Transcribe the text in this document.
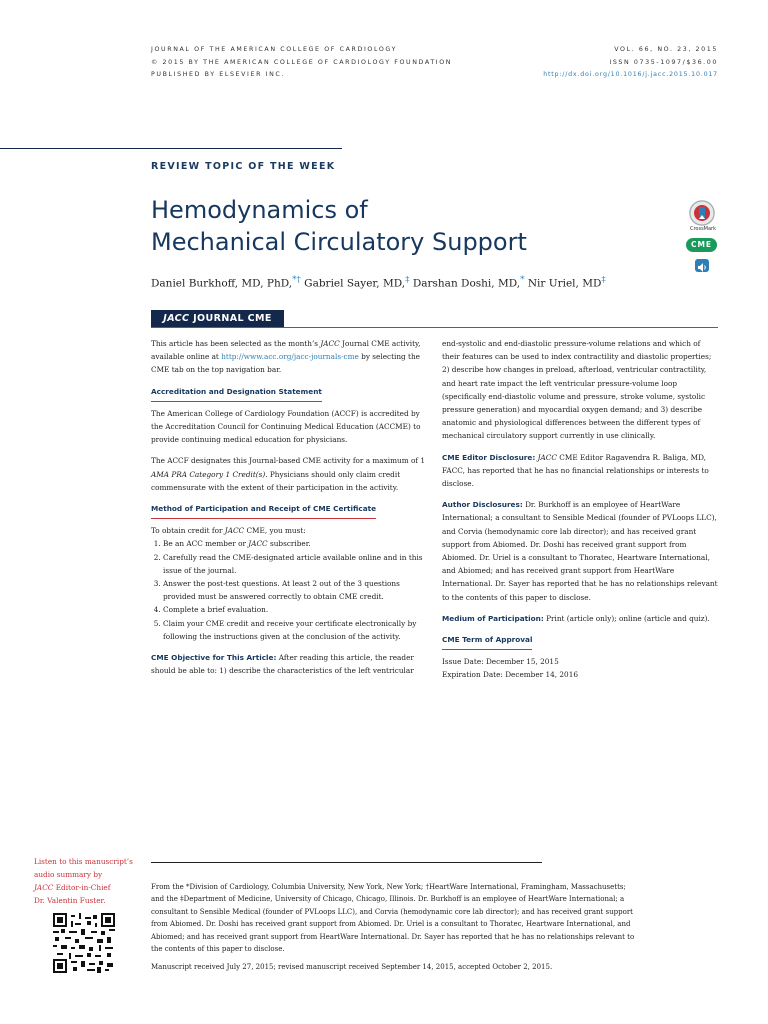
JOURNAL OF THE AMERICAN COLLEGE OF CARDIOLOGY
© 2015 BY THE AMERICAN COLLEGE OF CARDIOLOGY FOUNDATION
PUBLISHED BY ELSEVIER INC.
VOL. 66, NO. 23, 2015
ISSN 0735-1097/$36.00
http://dx.doi.org/10.1016/j.jacc.2015.10.017
REVIEW TOPIC OF THE WEEK
Hemodynamics of
Mechanical Circulatory Support
Daniel Burkhoff, MD, PhD,*† Gabriel Sayer, MD,‡ Darshan Doshi, MD,* Nir Uriel, MD‡
CrossMark
CME
JACC JOURNAL CME

This article has been selected as the month’s JACC Journal CME activity, available online at http://www.acc.org/jacc-journals-cme by selecting the CME tab on the top navigation bar.

Accreditation and Designation Statement

The American College of Cardiology Foundation (ACCF) is accredited by the Accreditation Council for Continuing Medical Education (ACCME) to provide continuing medical education for physicians.

The ACCF designates this Journal-based CME activity for a maximum of 1 AMA PRA Category 1 Credit(s). Physicians should only claim credit commensurate with the extent of their participation in the activity.

Method of Participation and Receipt of CME Certificate
To obtain credit for JACC CME, you must:
1. Be an ACC member or JACC subscriber.
2. Carefully read the CME-designated article available online and in this issue of the journal.
3. Answer the post-test questions. At least 2 out of the 3 questions provided must be answered correctly to obtain CME credit.
4. Complete a brief evaluation.
5. Claim your CME credit and receive your certificate electronically by following the instructions given at the conclusion of the activity.

CME Objective for This Article: After reading this article, the reader should be able to: 1) describe the characteristics of the left ventricular

end-systolic and end-diastolic pressure-volume relations and which of their features can be used to index contractility and diastolic properties; 2) describe how changes in preload, afterload, ventricular contractility, and heart rate impact the left ventricular pressure-volume loop (specifically end-diastolic volume and pressure, stroke volume, systolic pressure generation) and myocardial oxygen demand; and 3) describe anatomic and physiological differences between the different types of mechanical circulatory support currently in use clinically.

CME Editor Disclosure: JACC CME Editor Ragavendra R. Baliga, MD, FACC, has reported that he has no financial relationships or interests to disclose.

Author Disclosures: Dr. Burkhoff is an employee of HeartWare International; a consultant to Sensible Medical (founder of PVLoops LLC), and Corvia (hemodynamic core lab director); and has received grant support from Abiomed. Dr. Doshi has received grant support from Abiomed. Dr. Uriel is a consultant to Thoratec, Heartware International, and Abiomed; and has received grant support from HeartWare International. Dr. Sayer has reported that he has no relationships relevant to the contents of this paper to disclose.

Medium of Participation: Print (article only); online (article and quiz).

CME Term of Approval
Issue Date: December 15, 2015
Expiration Date: December 14, 2016
Listen to this manuscript’s audio summary by
JACC Editor-in-Chief
Dr. Valentin Fuster.

From the *Division of Cardiology, Columbia University, New York, New York; †HeartWare International, Framingham, Massachusetts; and the ‡Department of Medicine, University of Chicago, Chicago, Illinois. Dr. Burkhoff is an employee of HeartWare International; a consultant to Sensible Medical (founder of PVLoops LLC), and Corvia (hemodynamic core lab director); and has received grant support from Abiomed. Dr. Doshi has received grant support from Abiomed. Dr. Uriel is a consultant to Thoratec, Heartware International, and Abiomed; and has received grant support from HeartWare International. Dr. Sayer has reported that he has no relationships relevant to the contents of this paper to disclose.

Manuscript received July 27, 2015; revised manuscript received September 14, 2015, accepted October 2, 2015.
